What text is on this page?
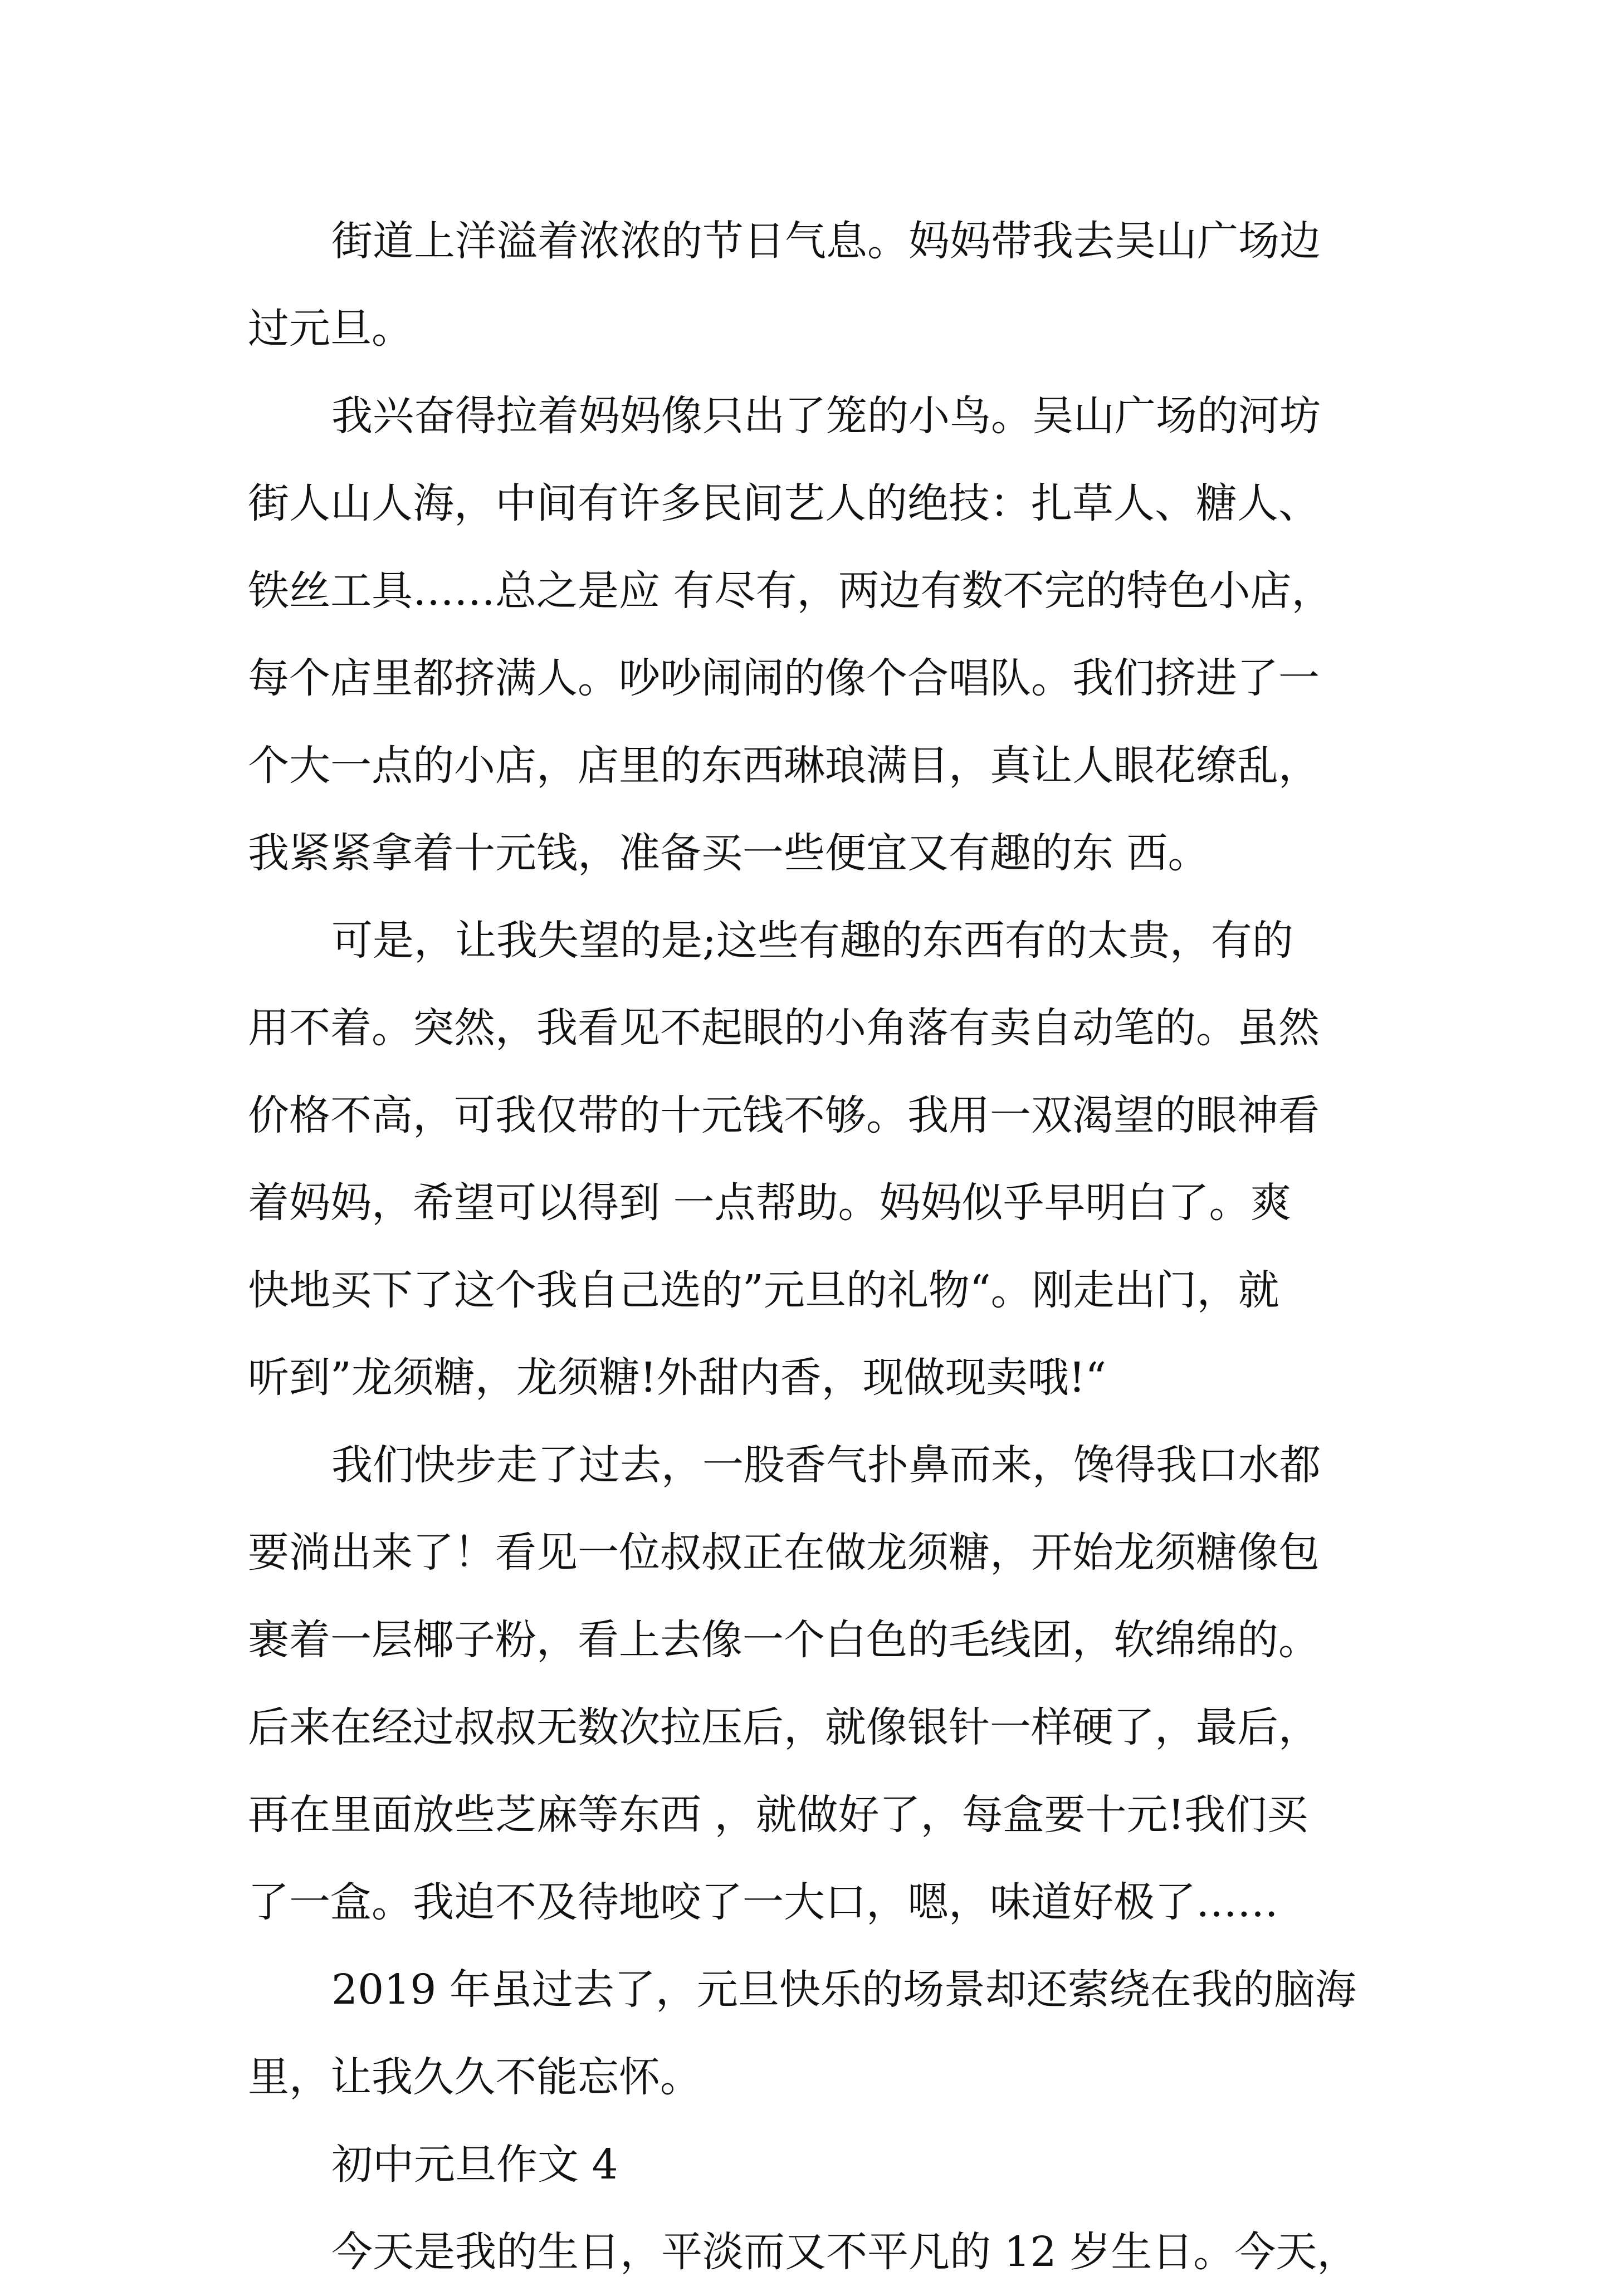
街道上洋溢着浓浓的节日气息。妈妈带我去吴山广场边
过元旦。
我兴奋得拉着妈妈像只出了笼的小鸟。吴山广场的河坊
街人山人海，中间有许多民间艺人的绝技：扎草人、糖人、
铁丝工具……总之是应 有尽有，两边有数不完的特色小店，
每个店里都挤满人。吵吵闹闹的像个合唱队。我们挤进了一
个大一点的小店，店里的东西琳琅满目，真让人眼花缭乱，
我紧紧拿着十元钱，准备买一些便宜又有趣的东 西。
可是，让我失望的是;这些有趣的东西有的太贵，有的
用不着。突然，我看见不起眼的小角落有卖自动笔的。虽然
价格不高，可我仅带的十元钱不够。我用一双渴望的眼神看
着妈妈，希望可以得到 一点帮助。妈妈似乎早明白了。爽
快地买下了这个我自己选的”元旦的礼物“。刚走出门，就
听到”龙须糖，龙须糖!外甜内香，现做现卖哦!“
我们快步走了过去，一股香气扑鼻而来，馋得我口水都
要淌出来了！看见一位叔叔正在做龙须糖，开始龙须糖像包
裹着一层椰子粉，看上去像一个白色的毛线团，软绵绵的。
后来在经过叔叔无数次拉压后，就像银针一样硬了，最后，
再在里面放些芝麻等东西 ，就做好了，每盒要十元!我们买
了一盒。我迫不及待地咬了一大口，嗯，味道好极了……
2019 年虽过去了，元旦快乐的场景却还萦绕在我的脑海
里，让我久久不能忘怀。
初中元旦作文 4
今天是我的生日，平淡而又不平凡的 12 岁生日。今天，
